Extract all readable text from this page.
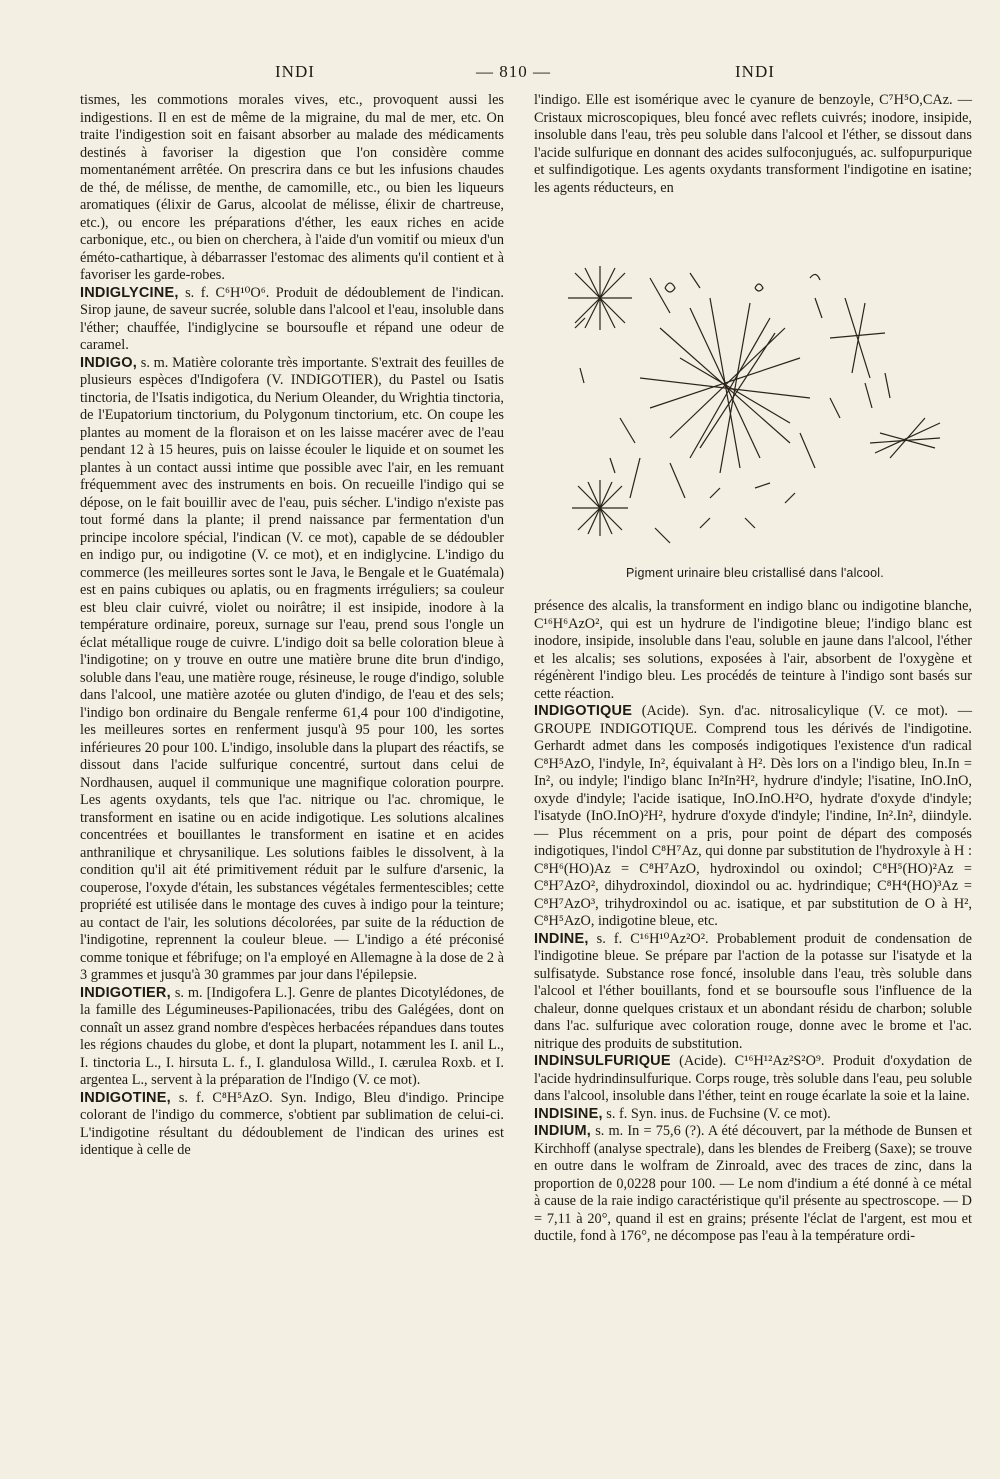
INDI	— 810 —	INDI

tismes, les commotions morales vives, etc., provoquent aussi les indigestions. Il en est de même de la migraine, du mal de mer, etc. On traite l'indigestion soit en faisant absorber au malade des médicaments destinés à favoriser la digestion que l'on considère comme momentanément arrêtée. On prescrira dans ce but les infusions chaudes de thé, de mélisse, de menthe, de camomille, etc., ou bien les liqueurs aromatiques (élixir de Garus, alcoolat de mélisse, élixir de chartreuse, etc.), ou encore les préparations d'éther, les eaux riches en acide carbonique, etc., ou bien on cherchera, à l'aide d'un vomitif ou mieux d'un éméto-cathartique, à débarrasser l'estomac des aliments qu'il contient et à favoriser les garde-robes.

INDIGLYCINE, s. f. C⁶H¹⁰O⁶. Produit de dédoublement de l'indican. Sirop jaune, de saveur sucrée, soluble dans l'alcool et l'eau, insoluble dans l'éther; chauffée, l'indiglycine se boursoufle et répand une odeur de caramel.

INDIGO, s. m. Matière colorante très importante. S'extrait des feuilles de plusieurs espèces d'Indigofera (V. INDIGOTIER), du Pastel ou Isatis tinctoria, de l'Isatis indigotica, du Nerium Oleander, du Wrightia tinctoria, de l'Eupatorium tinctorium, du Polygonum tinctorium, etc. On coupe les plantes au moment de la floraison et on les laisse macérer avec de l'eau pendant 12 à 15 heures, puis on laisse écouler le liquide et on soumet les plantes à un contact aussi intime que possible avec l'air, en les remuant fréquemment avec des instruments en bois. On recueille l'indigo qui se dépose, on le fait bouillir avec de l'eau, puis sécher. L'indigo n'existe pas tout formé dans la plante; il prend naissance par fermentation d'un principe incolore spécial, l'indican (V. ce mot), capable de se dédoubler en indigo pur, ou indigotine (V. ce mot), et en indiglycine. L'indigo du commerce (les meilleures sortes sont le Java, le Bengale et le Guatémala) est en pains cubiques ou aplatis, ou en fragments irréguliers; sa couleur est bleu clair cuivré, violet ou noirâtre; il est insipide, inodore à la température ordinaire, poreux, surnage sur l'eau, prend sous l'ongle un éclat métallique rouge de cuivre. L'indigo doit sa belle coloration bleue à l'indigotine; on y trouve en outre une matière brune dite brun d'indigo, soluble dans l'eau, une matière rouge, résineuse, le rouge d'indigo, soluble dans l'alcool, une matière azotée ou gluten d'indigo, de l'eau et des sels; l'indigo bon ordinaire du Bengale renferme 61,4 pour 100 d'indigotine, les meilleures sortes en renferment jusqu'à 95 pour 100, les sortes inférieures 20 pour 100. L'indigo, insoluble dans la plupart des réactifs, se dissout dans l'acide sulfurique concentré, surtout dans celui de Nordhausen, auquel il communique une magnifique coloration pourpre. Les agents oxydants, tels que l'ac. nitrique ou l'ac. chromique, le transforment en isatine ou en acide indigotique. Les solutions alcalines concentrées et bouillantes le transforment en isatine et en acides anthranilique et chrysanilique. Les solutions faibles le dissolvent, à la condition qu'il ait été primitivement réduit par le sulfure d'arsenic, la couperose, l'oxyde d'étain, les substances végétales fermentescibles; cette propriété est utilisée dans le montage des cuves à indigo pour la teinture; au contact de l'air, les solutions décolorées, par suite de la réduction de l'indigotine, reprennent la couleur bleue. — L'indigo a été préconisé comme tonique et fébrifuge; on l'a employé en Allemagne à la dose de 2 à 3 grammes et jusqu'à 30 grammes par jour dans l'épilepsie.

INDIGOTIER, s. m. [Indigofera L.]. Genre de plantes Dicotylédones, de la famille des Légumineuses-Papilionacées, tribu des Galégées, dont on connaît un assez grand nombre d'espèces herbacées répandues dans toutes les régions chaudes du globe, et dont la plupart, notamment les I. anil L., I. tinctoria L., I. hirsuta L. f., I. glandulosa Willd., I. cærulea Roxb. et I. argentea L., servent à la préparation de l'Indigo (V. ce mot).

INDIGOTINE, s. f. C⁸H⁵AzO. Syn. Indigo, Bleu d'indigo. Principe colorant de l'indigo du commerce, s'obtient par sublimation de celui-ci. L'indigotine résultant du dédoublement de l'indican des urines est identique à celle de

l'indigo. Elle est isomérique avec le cyanure de benzoyle, C⁷H⁵O,CAz. — Cristaux microscopiques, bleu foncé avec reflets cuivrés; inodore, insipide, insoluble dans l'eau, très peu soluble dans l'alcool et l'éther, se dissout dans l'acide sulfurique en donnant des acides sulfoconjugués, ac. sulfopurpurique et sulfindigotique. Les agents oxydants transforment l'indigotine en isatine; les agents réducteurs, en

Pigment urinaire bleu cristallisé dans l'alcool.

présence des alcalis, la transforment en indigo blanc ou indigotine blanche, C¹⁶H⁶AzO², qui est un hydrure de l'indigotine bleue; l'indigo blanc est inodore, insipide, insoluble dans l'eau, soluble en jaune dans l'alcool, l'éther et les alcalis; ses solutions, exposées à l'air, absorbent de l'oxygène et régénèrent l'indigo bleu. Les procédés de teinture à l'indigo sont basés sur cette réaction.

INDIGOTIQUE (Acide). Syn. d'ac. nitrosalicylique (V. ce mot). — GROUPE INDIGOTIQUE. Comprend tous les dérivés de l'indigotine. Gerhardt admet dans les composés indigotiques l'existence d'un radical C⁸H⁵AzO, l'indyle, In², équivalant à H². Dès lors on a l'indigo bleu, In.In = In², ou indyle; l'indigo blanc In²In²H², hydrure d'indyle; l'isatine, InO.InO, oxyde d'indyle; l'acide isatique, InO.InO.H²O, hydrate d'oxyde d'indyle; l'isatyde (InO.InO)²H², hydrure d'oxyde d'indyle; l'indine, In².In², diindyle. — Plus récemment on a pris, pour point de départ des composés indigotiques, l'indol C⁸H⁷Az, qui donne par substitution de l'hydroxyle à H : C⁸H⁶(HO)Az = C⁸H⁷AzO, hydroxindol ou oxindol; C⁸H⁵(HO)²Az = C⁸H⁷AzO², dihydroxindol, dioxindol ou ac. hydrindique; C⁸H⁴(HO)³Az = C⁸H⁷AzO³, trihydroxindol ou ac. isatique, et par substitution de O à H², C⁸H⁵AzO, indigotine bleue, etc.

INDINE, s. f. C¹⁶H¹⁰Az²O². Probablement produit de condensation de l'indigotine bleue. Se prépare par l'action de la potasse sur l'isatyde et la sulfisatyde. Substance rose foncé, insoluble dans l'eau, très soluble dans l'alcool et l'éther bouillants, fond et se boursoufle sous l'influence de la chaleur, donne quelques cristaux et un abondant résidu de charbon; soluble dans l'ac. sulfurique avec coloration rouge, donne avec le brome et l'ac. nitrique des produits de substitution.

INDINSULFURIQUE (Acide). C¹⁶H¹²Az²S²O⁹. Produit d'oxydation de l'acide hydrindinsulfurique. Corps rouge, très soluble dans l'eau, peu soluble dans l'alcool, insoluble dans l'éther, teint en rouge écarlate la soie et la laine.

INDISINE, s. f. Syn. inus. de Fuchsine (V. ce mot).

INDIUM, s. m. In = 75,6 (?). A été découvert, par la méthode de Bunsen et Kirchhoff (analyse spectrale), dans les blendes de Freiberg (Saxe); se trouve en outre dans le wolfram de Zinroald, avec des traces de zinc, dans la proportion de 0,0228 pour 100. — Le nom d'indium a été donné à ce métal à cause de la raie indigo caractéristique qu'il présente au spectroscope. — D = 7,11 à 20°, quand il est en grains; présente l'éclat de l'argent, est mou et ductile, fond à 176°, ne décompose pas l'eau à la température ordi-
